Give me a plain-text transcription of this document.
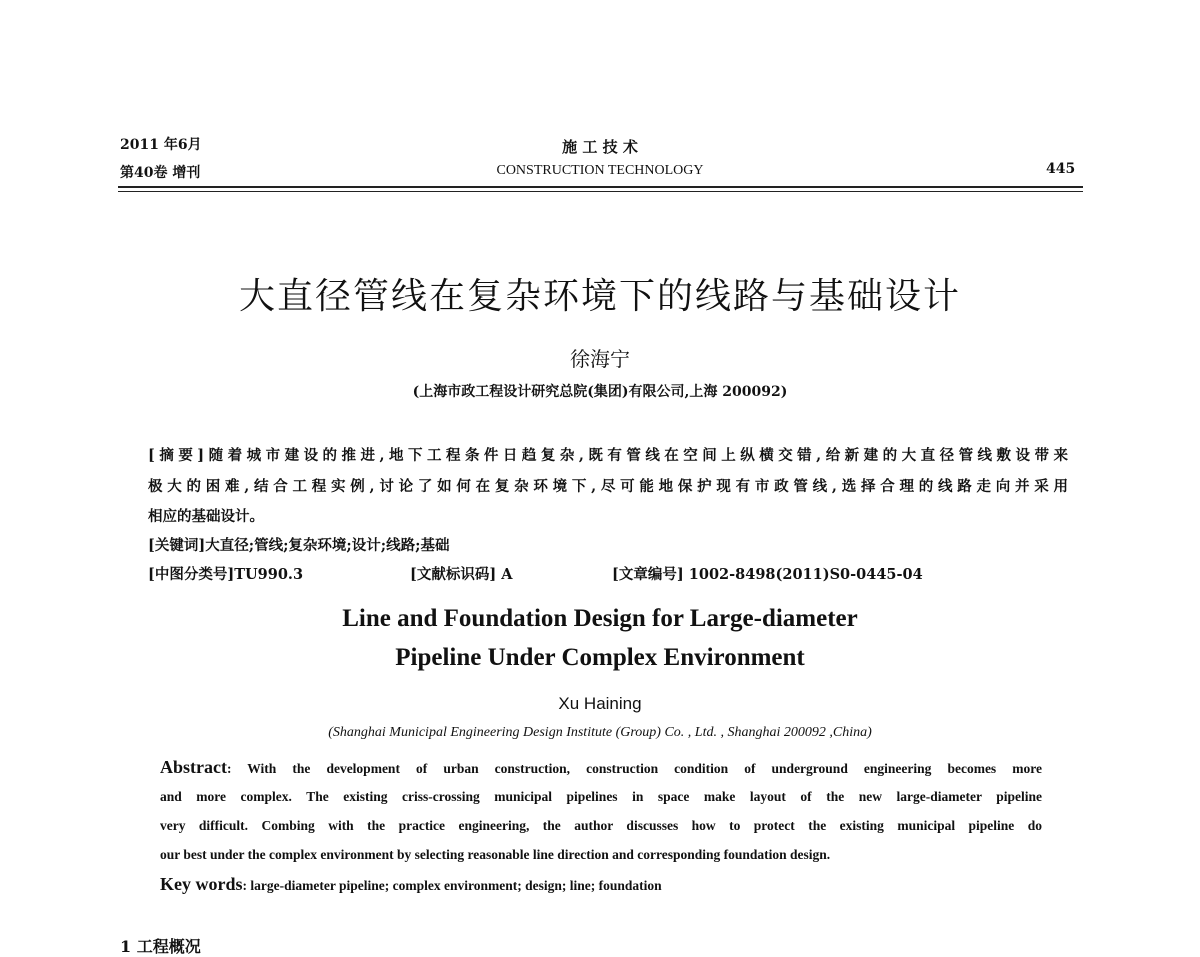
2011 年6月
第40卷 增刊
施 工 技 术
CONSTRUCTION TECHNOLOGY	445
大直径管线在复杂环境下的线路与基础设计
徐海宁
(上海市政工程设计研究总院(集团)有限公司,上海 200092)
[摘要]随着城市建设的推进,地下工程条件日趋复杂,既有管线在空间上纵横交错,给新建的大直径管线敷设带来
极大的困难,结合工程实例,讨论了如何在复杂环境下,尽可能地保护现有市政管线,选择合理的线路走向并采用
相应的基础设计。
[关键词]大直径;管线;复杂环境;设计;线路;基础
[中图分类号]TU990.3	[文献标识码] A	[文章编号] 1002-8498(2011)S0-0445-04
Line and Foundation Design for Large-diameter
Pipeline Under Complex Environment
Xu Haining
(Shanghai Municipal Engineering Design Institute (Group) Co. , Ltd. , Shanghai 200092 ,China)
Abstract: With the development of urban construction, construction condition of underground engineering becomes more
and more complex. The existing criss-crossing municipal pipelines in space make layout of the new large-diameter pipeline
very difficult. Combing with the practice engineering, the author discusses how to protect the existing municipal pipeline do
our best under the complex environment by selecting reasonable line direction and corresponding foundation design.
Key words: large-diameter pipeline; complex environment; design; line; foundation
1 工程概况
